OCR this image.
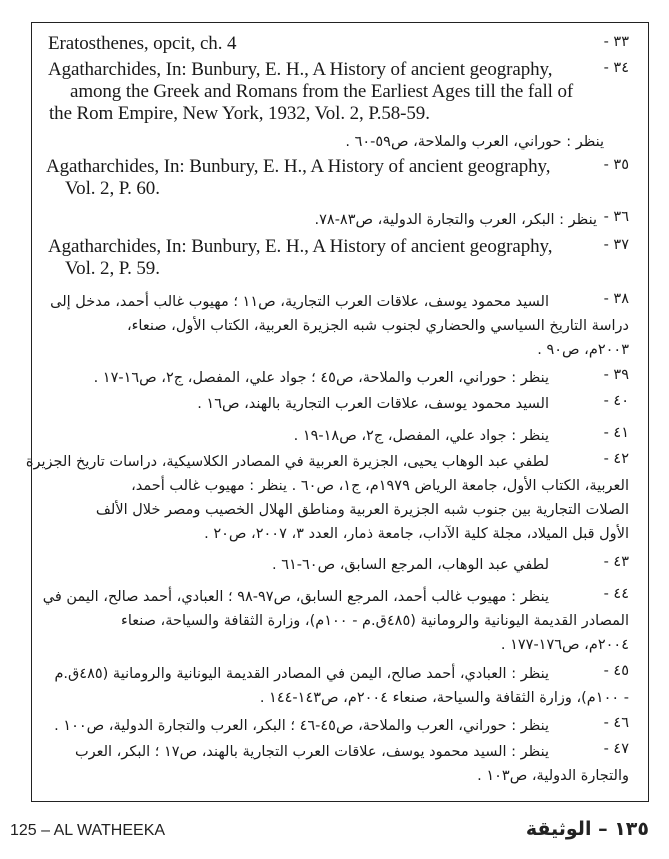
٣٣ -
Eratosthenes, opcit, ch. 4
٣٤ -
Agatharchides, In: Bunbury, E. H., A History of ancient geography,
among the Greek and Romans from the Earliest Ages till the fall of
the Rom Empire, New York, 1932, Vol. 2, P.58-59.
ينظر : حوراني، العرب والملاحة، ص٥٩-٦٠ .
٣٥ -
Agatharchides, In: Bunbury, E. H., A History of ancient geography,
Vol. 2, P. 60.
٣٦ -
ينظر : البكر، العرب والتجارة الدولية، ص٨٣-٧٨.
٣٧ -
Agatharchides, In: Bunbury, E. H., A History of ancient geography,
Vol. 2, P. 59.
٣٨ -
السيد محمود يوسف، علاقات العرب التجارية، ص١١ ؛ مهيوب غالب أحمد، مدخل إلى
دراسة التاريخ السياسي والحضاري لجنوب شبه الجزيرة العربية، الكتاب الأول، صنعاء،
٢٠٠٣م، ص٩٠ .
٣٩ -
ينظر : حوراني، العرب والملاحة، ص٤٥ ؛ جواد علي، المفصل، ج٢، ص١٦-١٧ .
٤٠ -
السيد محمود يوسف، علاقات العرب التجارية بالهند، ص١٦ .
٤١ -
ينظر : جواد علي، المفصل، ج٢، ص١٨-١٩ .
٤٢ -
لطفي عبد الوهاب يحيى، الجزيرة العربية في المصادر الكلاسيكية، دراسات تاريخ الجزيرة
العربية، الكتاب الأول، جامعة الرياض ١٩٧٩م، ج١، ص٦٠ . ينظر : مهيوب غالب أحمد،
الصلات التجارية بين جنوب شبه الجزيرة العربية ومناطق الهلال الخصيب ومصر خلال الألف
الأول قبل الميلاد، مجلة كلية الآداب، جامعة ذمار، العدد ٣، ٢٠٠٧، ص٢٠ .
٤٣ -
لطفي عبد الوهاب، المرجع السابق، ص٦٠-٦١ .
٤٤ -
ينظر : مهيوب غالب أحمد، المرجع السابق، ص٩٧-٩٨ ؛ العبادي، أحمد صالح، اليمن في
المصادر القديمة اليونانية والرومانية (٤٨٥ق.م - ١٠٠م)، وزارة الثقافة والسياحة، صنعاء
٢٠٠٤م، ص١٧٦-١٧٧ .
٤٥ -
ينظر : العبادي، أحمد صالح، اليمن في المصادر القديمة اليونانية والرومانية (٤٨٥ق.م
- ١٠٠م)، وزارة الثقافة والسياحة، صنعاء ٢٠٠٤م، ص١٤٣-١٤٤ .
٤٦ -
ينظر : حوراني، العرب والملاحة، ص٤٥-٤٦ ؛ البكر، العرب والتجارة الدولية، ص١٠٠ .
٤٧ -
ينظر : السيد محمود يوسف، علاقات العرب التجارية بالهند، ص١٧ ؛ البكر، العرب
والتجارة الدولية، ص١٠٣ .
125 – AL WATHEEKA	١٣٥ – الوثيقة
